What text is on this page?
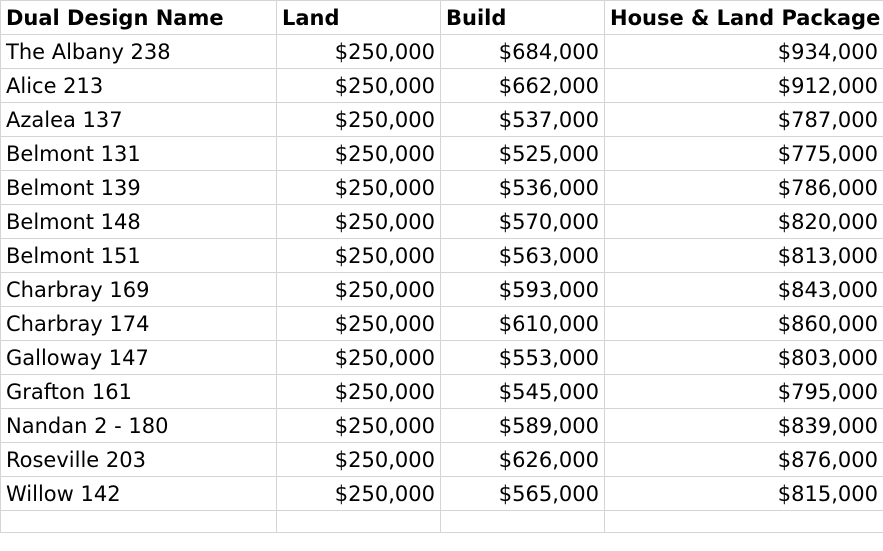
Dual Design Name	Land	Build	House & Land Package
The Albany 238	$250,000	$684,000	$934,000
Alice 213	$250,000	$662,000	$912,000
Azalea 137	$250,000	$537,000	$787,000
Belmont 131	$250,000	$525,000	$775,000
Belmont 139	$250,000	$536,000	$786,000
Belmont 148	$250,000	$570,000	$820,000
Belmont 151	$250,000	$563,000	$813,000
Charbray 169	$250,000	$593,000	$843,000
Charbray 174	$250,000	$610,000	$860,000
Galloway 147	$250,000	$553,000	$803,000
Grafton 161	$250,000	$545,000	$795,000
Nandan 2 - 180	$250,000	$589,000	$839,000
Roseville 203	$250,000	$626,000	$876,000
Willow 142	$250,000	$565,000	$815,000
